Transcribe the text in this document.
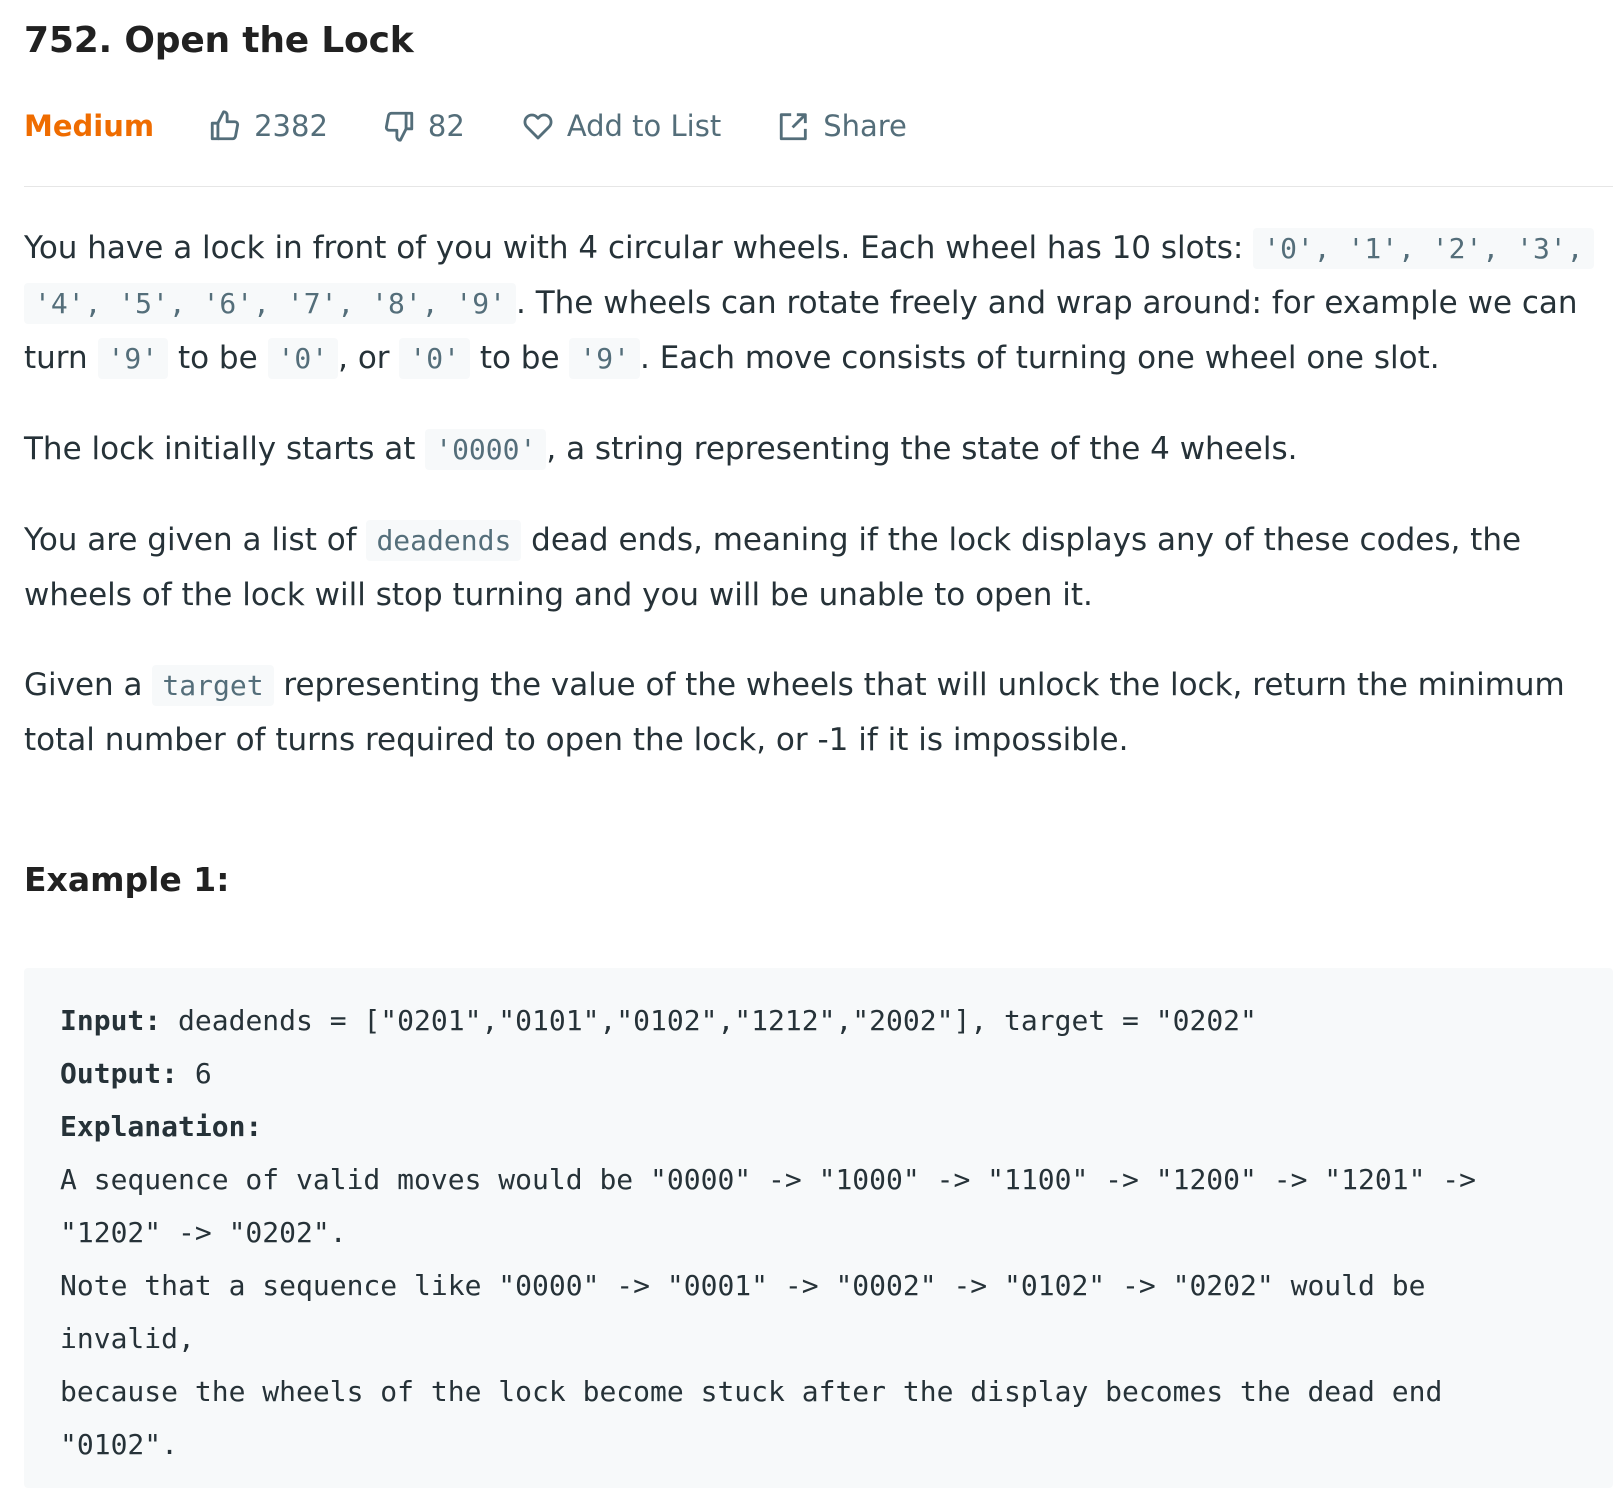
752. Open the Lock
Medium	2382	82	Add to List	Share

You have a lock in front of you with 4 circular wheels. Each wheel has 10 slots: '0', '1', '2', '3', '4', '5', '6', '7', '8', '9' . The wheels can rotate freely and wrap around: for example we can turn '9' to be '0' , or '0' to be '9' . Each move consists of turning one wheel one slot.

The lock initially starts at '0000' , a string representing the state of the 4 wheels.

You are given a list of deadends dead ends, meaning if the lock displays any of these codes, the wheels of the lock will stop turning and you will be unable to open it.

Given a target representing the value of the wheels that will unlock the lock, return the minimum total number of turns required to open the lock, or -1 if it is impossible.

Example 1:
Input: deadends = ["0201","0101","0102","1212","2002"], target = "0202"
Output: 6
Explanation:
A sequence of valid moves would be "0000" -> "1000" -> "1100" -> "1200" -> "1201" ->
"1202" -> "0202".
Note that a sequence like "0000" -> "0001" -> "0002" -> "0102" -> "0202" would be
invalid,
because the wheels of the lock become stuck after the display becomes the dead end
"0102".
